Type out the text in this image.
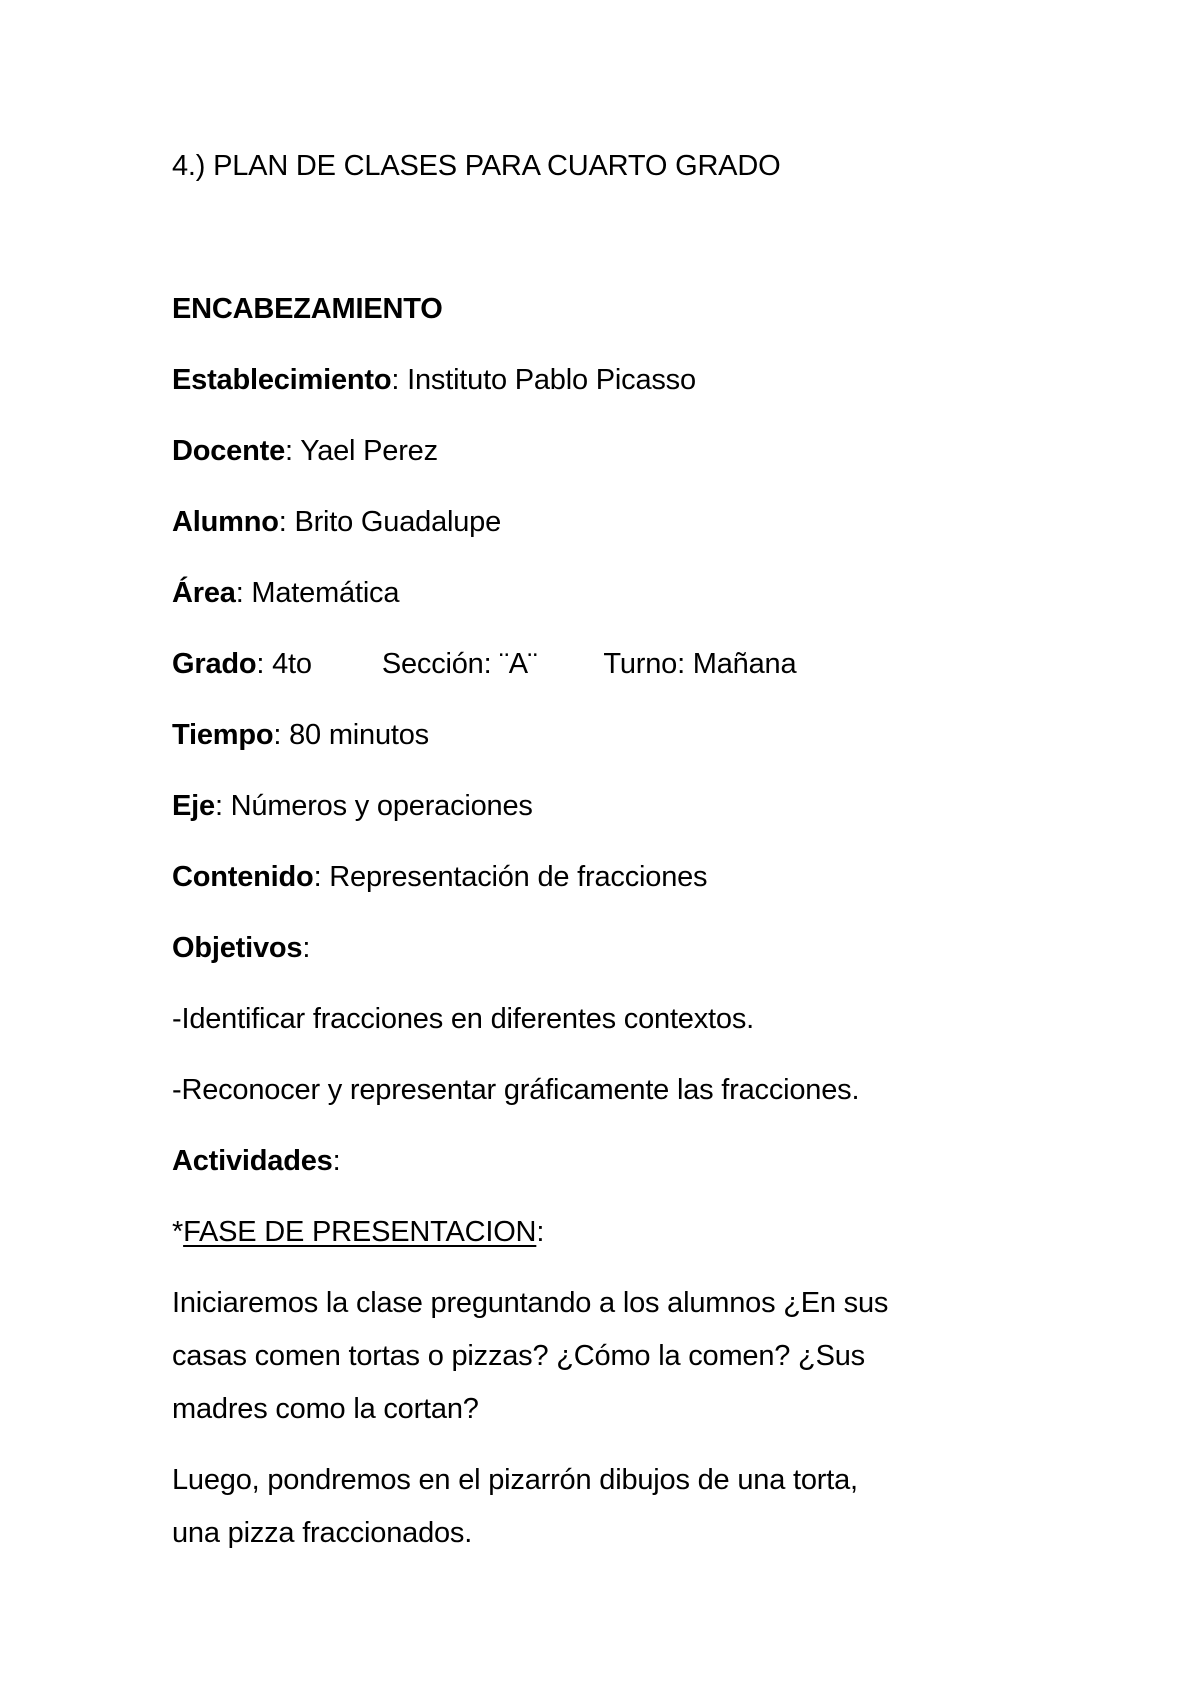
4.) PLAN DE CLASES PARA CUARTO GRADO

ENCABEZAMIENTO

Establecimiento: Instituto Pablo Picasso

Docente: Yael Perez

Alumno: Brito Guadalupe

Área: Matemática

Grado: 4to Sección: ¨A¨ Turno: Mañana

Tiempo: 80 minutos

Eje: Números y operaciones

Contenido: Representación de fracciones

Objetivos:

-Identificar fracciones en diferentes contextos.

-Reconocer y representar gráficamente las fracciones.

Actividades:

*FASE DE PRESENTACION:

Iniciaremos la clase preguntando a los alumnos ¿En sus

casas comen tortas o pizzas? ¿Cómo la comen? ¿Sus

madres como la cortan?

Luego, pondremos en el pizarrón dibujos de una torta,

una pizza fraccionados.
